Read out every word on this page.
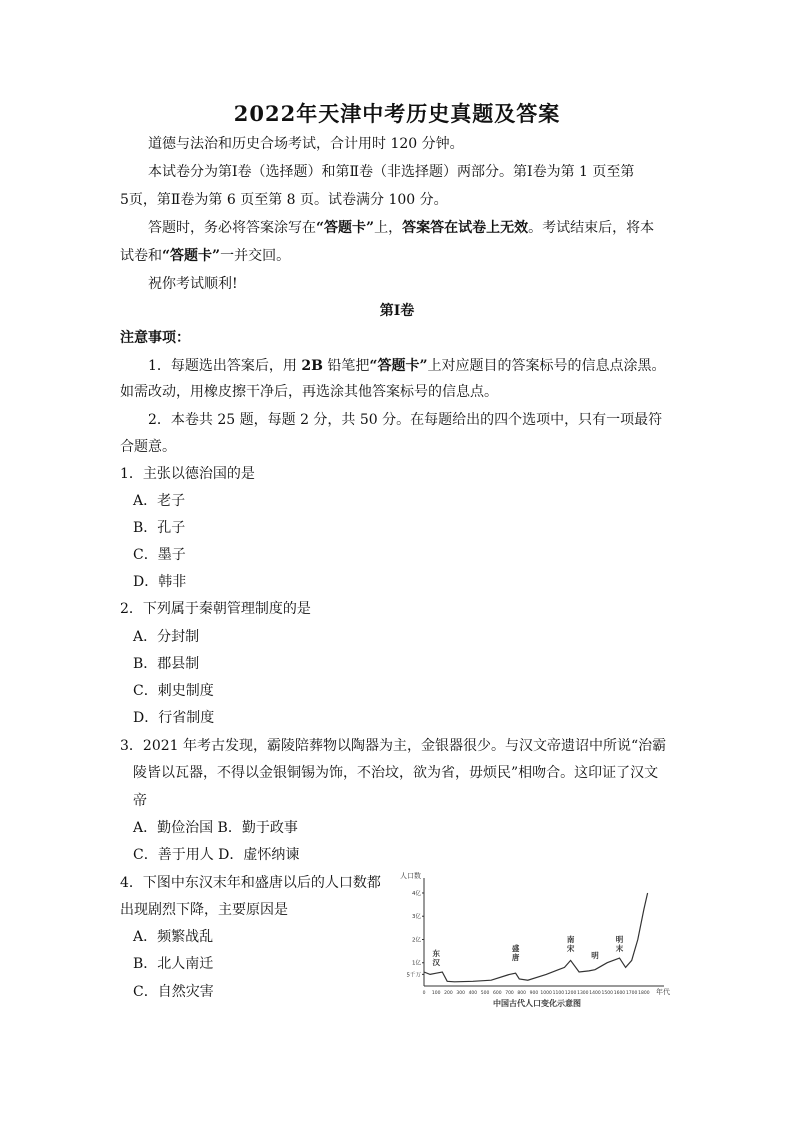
2022年天津中考历史真题及答案
道德与法治和历史合场考试，合计用时 120 分钟。
本试卷分为第Ⅰ卷（选择题）和第Ⅱ卷（非选择题）两部分。第Ⅰ卷为第 1 页至第
5页，第Ⅱ卷为第 6 页至第 8 页。试卷满分 100 分。
答题时，务必将答案涂写在“答题卡”上，答案答在试卷上无效。考试结束后，将本
试卷和“答题卡”一并交回。
祝你考试顺利!
第Ⅰ卷
注意事项：
1．每题选出答案后，用 2B 铅笔把“答题卡”上对应题目的答案标号的信息点涂黑。
如需改动，用橡皮擦干净后，再选涂其他答案标号的信息点。
2．本卷共 25 题，每题 2 分，共 50 分。在每题给出的四个选项中，只有一项最符
合题意。
1．主张以德治国的是
A．老子
B．孔子
C．墨子
D．韩非
2．下列属于秦朝管理制度的是
A．分封制
B．郡县制
C．刺史制度
D．行省制度
3．2021 年考古发现，霸陵陪葬物以陶器为主，金银器很少。与汉文帝遗诏中所说“治霸
陵皆以瓦器，不得以金银铜锡为饰，不治坟，欲为省，毋烦民”相吻合。这印证了汉文
帝
A．勤俭治国 B．勤于政事
C．善于用人 D．虚怀纳谏
4．下图中东汉末年和盛唐以后的人口数都
出现剧烈下降，主要原因是
A．频繁战乱
B．北人南迁
C．自然灾害
人口数
5千万
1亿
2亿
3亿
4亿
0 100 200 300 400 500 600 700 800 900 1000 1100 1200 1300 1400 1500 1600 1700 1800 年代
东
汉
盛
唐
南
宋
明
明
末
中国古代人口变化示意图
